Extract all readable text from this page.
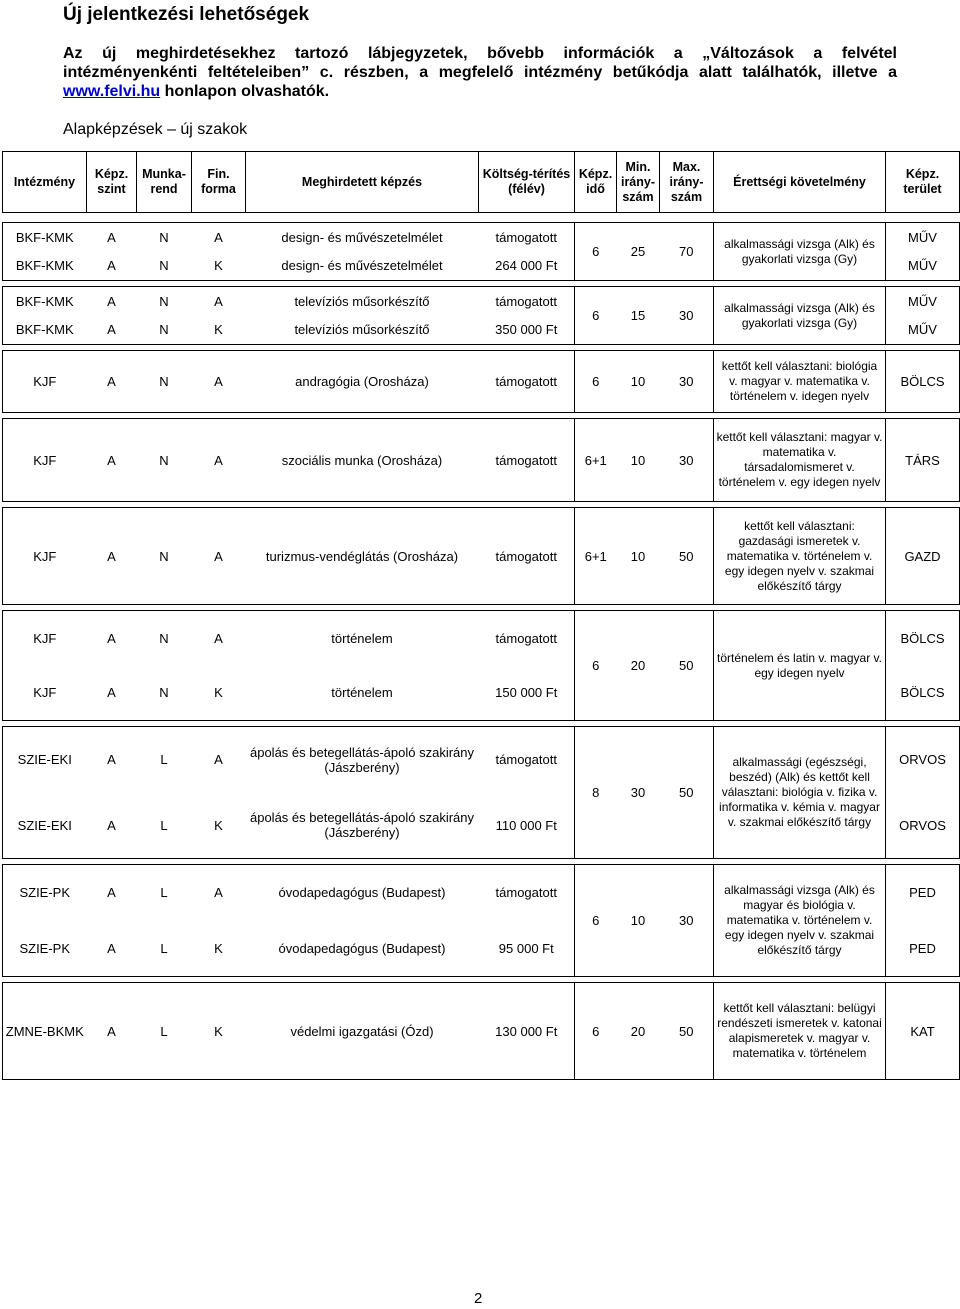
Új jelentkezési lehetőségek
Az új meghirdetésekhez tartozó lábjegyzetek, bővebb információk a „Változások a felvétel
intézményenkénti feltételeiben” c. részben, a megfelelő intézmény betűkódja alatt találhatók, illetve a
www.felvi.hu honlapon olvashatók.
Alapképzések – új szakok
Intézmény	Képz. szint	Munka-rend	Fin. forma	Meghirdetett képzés	Költség-térítés (félév)	Képz. idő	Min. irány-szám	Max. irány-szám	Érettségi követelmény	Képz. terület

BKF-KMK	A	N	A	design- és művészetelmélet	támogatott	6	25	70	alkalmassági vizsga (Alk) és gyakorlati vizsga (Gy)	MŰV
BKF-KMK	A	N	K	design- és művészetelmélet	264 000 Ft					MŰV

BKF-KMK	A	N	A	televíziós műsorkészítő	támogatott	6	15	30	alkalmassági vizsga (Alk) és gyakorlati vizsga (Gy)	MŰV
BKF-KMK	A	N	K	televíziós műsorkészítő	350 000 Ft					MŰV

KJF	A	N	A	andragógia (Orosháza)	támogatott	6	10	30	kettőt kell választani: biológia v. magyar v. matematika v. történelem v. idegen nyelv	BÖLCS

KJF	A	N	A	szociális munka (Orosháza)	támogatott	6+1	10	30	kettőt kell választani: magyar v. matematika v. társadalomismeret v. történelem v. egy idegen nyelv	TÁRS

KJF	A	N	A	turizmus-vendéglátás (Orosháza)	támogatott	6+1	10	50	kettőt kell választani: gazdasági ismeretek v. matematika v. történelem v. egy idegen nyelv v. szakmai előkészítő tárgy	GAZD

KJF	A	N	A	történelem	támogatott	6	20	50	történelem és latin v. magyar v. egy idegen nyelv	BÖLCS
KJF	A	N	K	történelem	150 000 Ft					BÖLCS

SZIE-EKI	A	L	A	ápolás és betegellátás-ápoló szakirány (Jászberény)	támogatott	8	30	50	alkalmassági (egészségi, beszéd) (Alk) és kettőt kell választani: biológia v. fizika v. informatika v. kémia v. magyar v. szakmai előkészítő tárgy	ORVOS
SZIE-EKI	A	L	K	ápolás és betegellátás-ápoló szakirány (Jászberény)	110 000 Ft					ORVOS

SZIE-PK	A	L	A	óvodapedagógus (Budapest)	támogatott	6	10	30	alkalmassági vizsga (Alk) és magyar és biológia v. matematika v. történelem v. egy idegen nyelv v. szakmai előkészítő tárgy	PED
SZIE-PK	A	L	K	óvodapedagógus (Budapest)	95 000 Ft					PED

ZMNE-BKMK	A	L	K	védelmi igazgatási (Ózd)	130 000 Ft	6	20	50	kettőt kell választani: belügyi rendészeti ismeretek v. katonai alapismeretek v. magyar v. matematika v. történelem	KAT
2
